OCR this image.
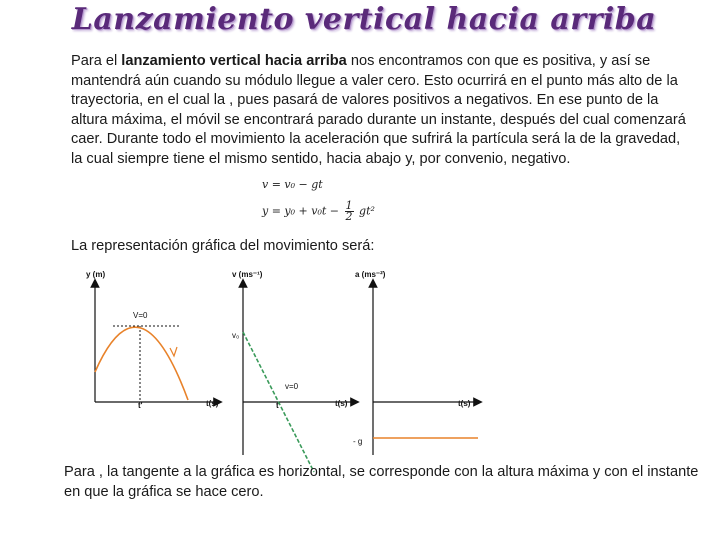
Lanzamiento vertical hacia arriba
Para el lanzamiento vertical hacia arriba nos encontramos con que es positiva, y así se mantendrá aún cuando su módulo llegue a valer cero. Esto ocurrirá en el punto más alto de la trayectoria, en el cual la , pues pasará de valores positivos a negativos. En ese punto de la altura máxima, el móvil se encontrará parado durante un instante, después del cual comenzará caer. Durante todo el movimiento la aceleración que sufrirá la partícula será la de la gravedad, la cual siempre tiene el mismo sentido, hacia abajo y, por convenio, negativo.
v = v₀ − gt
$y = y_0 + v_0t - \frac{1}{2} gt^2$
La representación gráfica del movimiento será:
y (m)
t(s)
V=0
t'
v (ms⁻¹)
t(s)
v₀
v=0
t'
a (ms⁻²)
t(s)
- g
Para , la tangente a la gráfica es horizontal, se corresponde con la altura máxima y con el instante en que la gráfica se hace cero.
